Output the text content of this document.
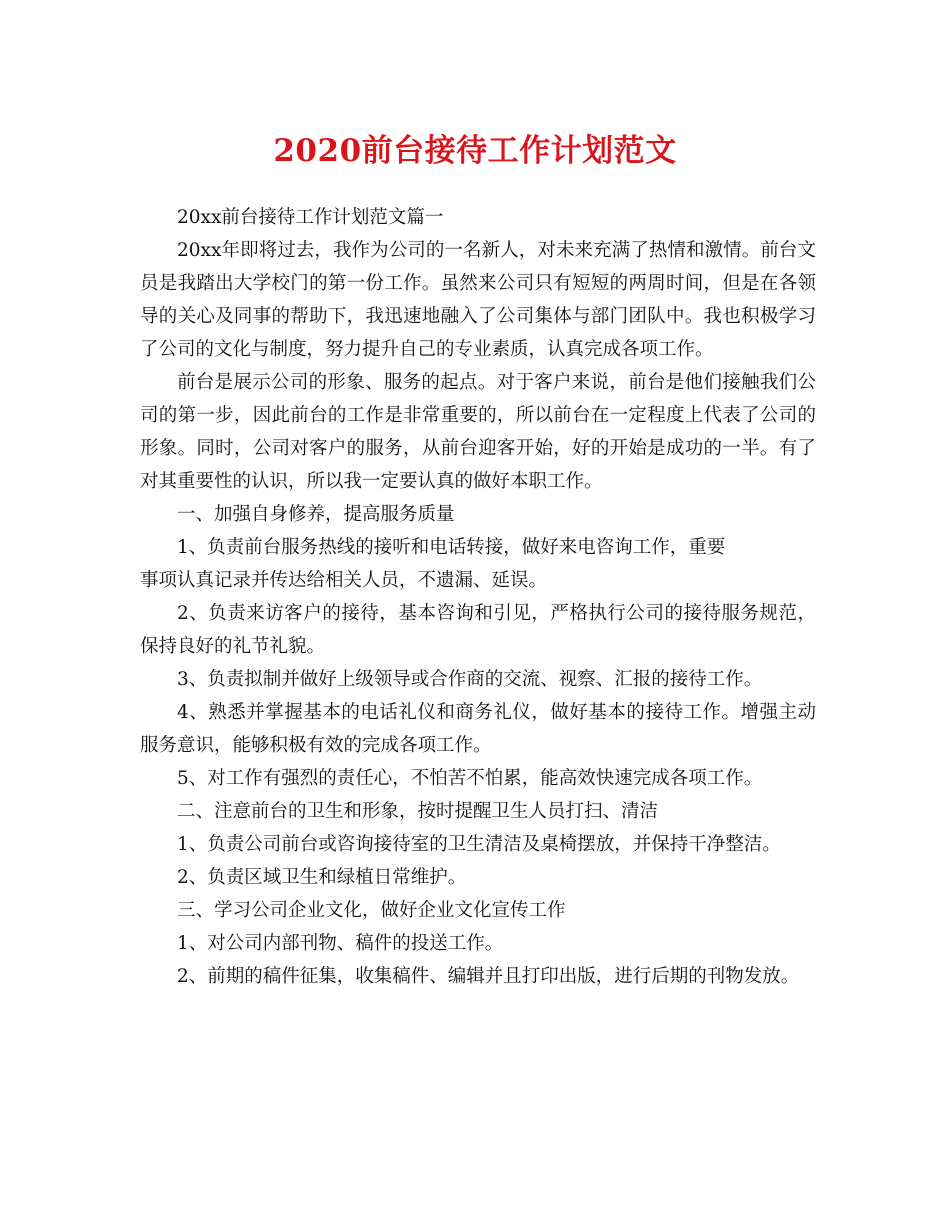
2020前台接待工作计划范文

20xx前台接待工作计划范文篇一

20xx年即将过去，我作为公司的一名新人，对未来充满了热情和激情。前台文员是我踏出大学校门的第一份工作。虽然来公司只有短短的两周时间，但是在各领导的关心及同事的帮助下，我迅速地融入了公司集体与部门团队中。我也积极学习了公司的文化与制度，努力提升自己的专业素质，认真完成各项工作。

前台是展示公司的形象、服务的起点。对于客户来说，前台是他们接触我们公司的第一步，因此前台的工作是非常重要的，所以前台在一定程度上代表了公司的形象。同时，公司对客户的服务，从前台迎客开始，好的开始是成功的一半。有了对其重要性的认识，所以我一定要认真的做好本职工作。

一、加强自身修养，提高服务质量

1、负责前台服务热线的接听和电话转接，做好来电咨询工作，重要

事项认真记录并传达给相关人员，不遗漏、延误。

2、负责来访客户的接待，基本咨询和引见，严格执行公司的接待服务规范，保持良好的礼节礼貌。

3、负责拟制并做好上级领导或合作商的交流、视察、汇报的接待工作。

4、熟悉并掌握基本的电话礼仪和商务礼仪，做好基本的接待工作。增强主动服务意识，能够积极有效的完成各项工作。

5、对工作有强烈的责任心，不怕苦不怕累，能高效快速完成各项工作。

二、注意前台的卫生和形象，按时提醒卫生人员打扫、清洁

1、负责公司前台或咨询接待室的卫生清洁及桌椅摆放，并保持干净整洁。

2、负责区域卫生和绿植日常维护。

三、学习公司企业文化，做好企业文化宣传工作

1、对公司内部刊物、稿件的投送工作。

2、前期的稿件征集，收集稿件、编辑并且打印出版，进行后期的刊物发放。
